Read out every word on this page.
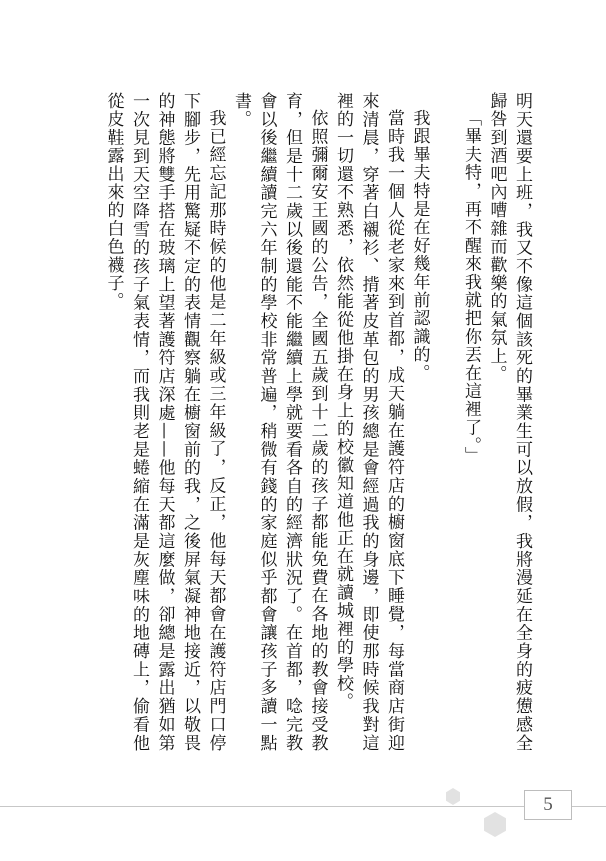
明天還要上班，我又不像這個該死的畢業生可以放假，我將漫延在全身的疲憊感全歸咎到酒吧內嘈雜而歡樂的氣氛上。

「畢夫特，再不醒來我就把你丟在這裡了。」

我跟畢夫特是在好幾年前認識的。

當時我一個人從老家來到首都，成天躺在護符店的櫥窗底下睡覺，每當商店街迎來清晨，穿著白襯衫、揹著皮革包的男孩總是會經過我的身邊，即使那時候我對這裡的一切還不熟悉，依然能從他掛在身上的校徽知道他正在就讀城裡的學校。

依照彌爾安王國的公告，全國五歲到十二歲的孩子都能免費在各地的教會接受教育，但是十二歲以後還能不能繼續上學就要看各自的經濟狀況了。在首都，唸完教會以後繼續讀完六年制的學校非常普遍，稍微有錢的家庭似乎都會讓孩子多讀一點書。

我已經忘記那時候的他是二年級或三年級了，反正，他每天都會在護符店門口停下腳步，先用驚疑不定的表情觀察躺在櫥窗前的我，之後屏氣凝神地接近，以敬畏的神態將雙手搭在玻璃上望著護符店深處——他每天都這麼做，卻總是露出猶如第一次見到天空降雪的孩子氣表情，而我則老是蜷縮在滿是灰塵味的地磚上，偷看他從皮鞋露出來的白色襪子。

5
